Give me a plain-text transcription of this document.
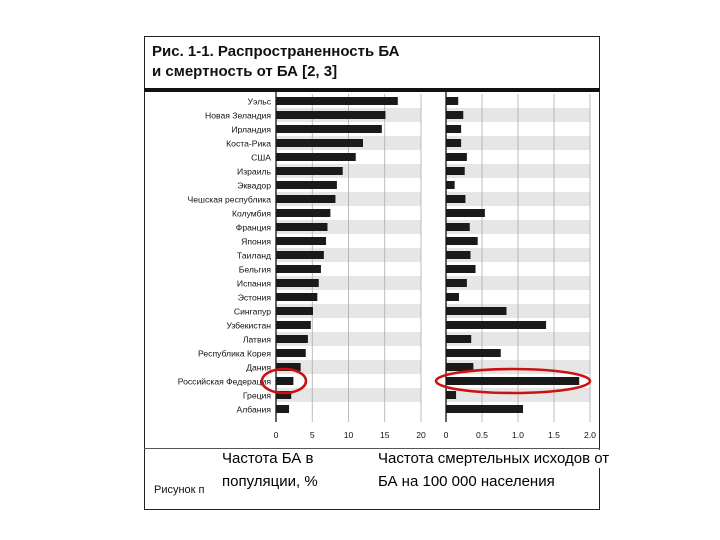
Рис. 1-1. Распространенность БА
и смертность от БА [2, 3]
Уэльс
Новая Зеландия
Ирландия
Коста-Рика
США
Израиль
Эквадор
Чешская республика
Колумбия
Франция
Япония
Таиланд
Бельгия
Испания
Эстония
Сингапур
Узбекистан
Латвия
Республика Корея
Дания
Российская Федерация
Греция
Албания
0	5	10	15	20 0	0.5	1.0	1.5	2.0
Рисунок п
Частота БА в
популяции, %
Частота смертельных исходов от
БА на 100 000 населения
